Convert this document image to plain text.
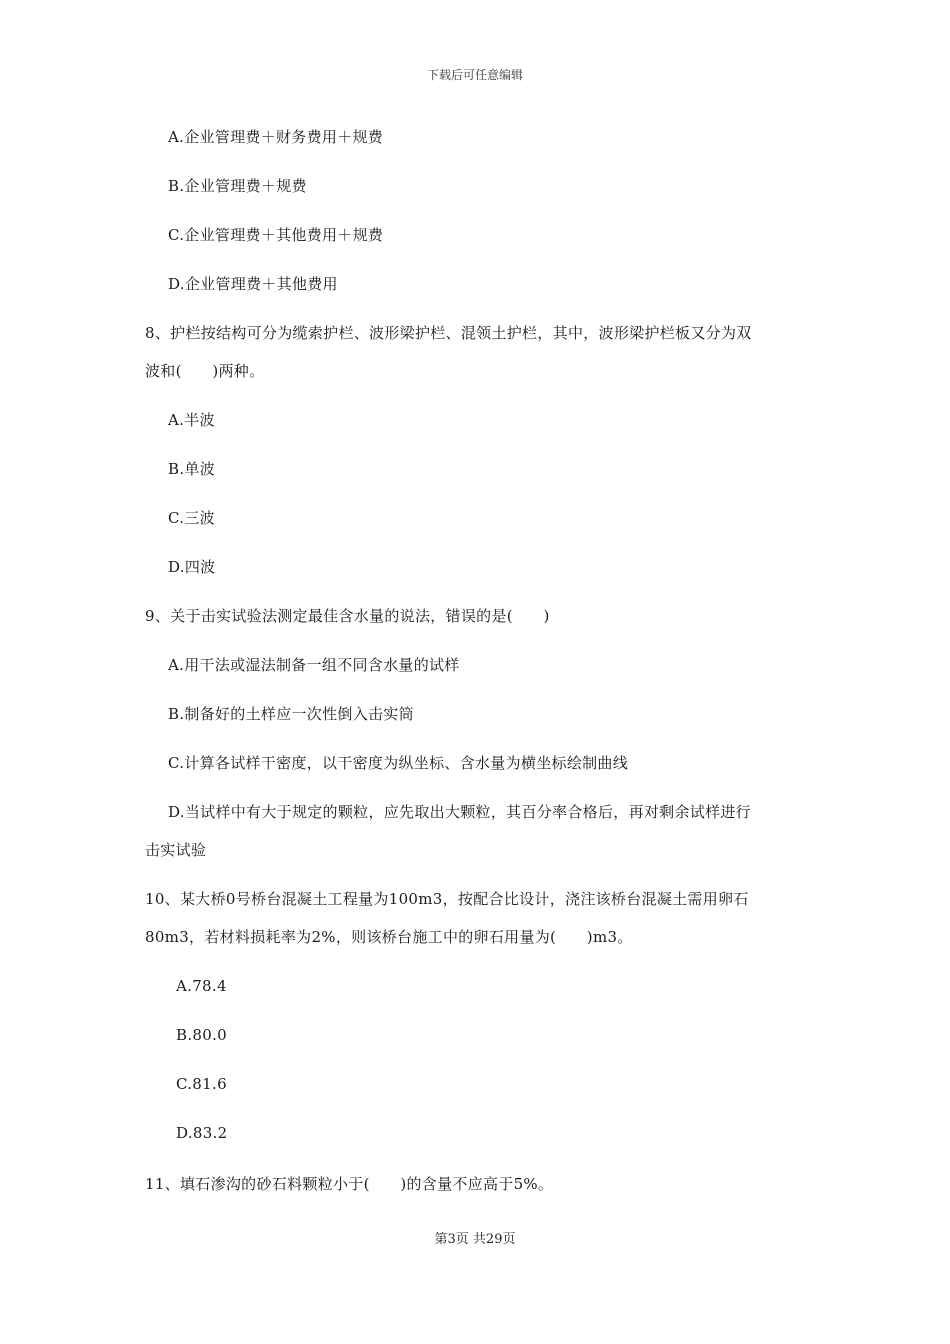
下载后可任意编辑
A.企业管理费＋财务费用＋规费
B.企业管理费＋规费
C.企业管理费＋其他费用＋规费
D.企业管理费＋其他费用
8、护栏按结构可分为缆索护栏、波形梁护栏、混领土护栏，其中，波形梁护栏板又分为双
波和(　　)两种。
A.半波
B.单波
C.三波
D.四波
9、关于击实试验法测定最佳含水量的说法，错误的是(　　)
A.用干法或湿法制备一组不同含水量的试样
B.制备好的土样应一次性倒入击实筒
C.计算各试样干密度，以干密度为纵坐标、含水量为横坐标绘制曲线
D.当试样中有大于规定的颗粒，应先取出大颗粒，其百分率合格后，再对剩余试样进行
击实试验
10、某大桥0号桥台混凝土工程量为100m3，按配合比设计，浇注该桥台混凝土需用卵石
80m3，若材料损耗率为2%，则该桥台施工中的卵石用量为(　　)m3。
A.78.4
B.80.0
C.81.6
D.83.2
11、填石渗沟的砂石料颗粒小于(　　)的含量不应高于5%。
第3页 共29页
